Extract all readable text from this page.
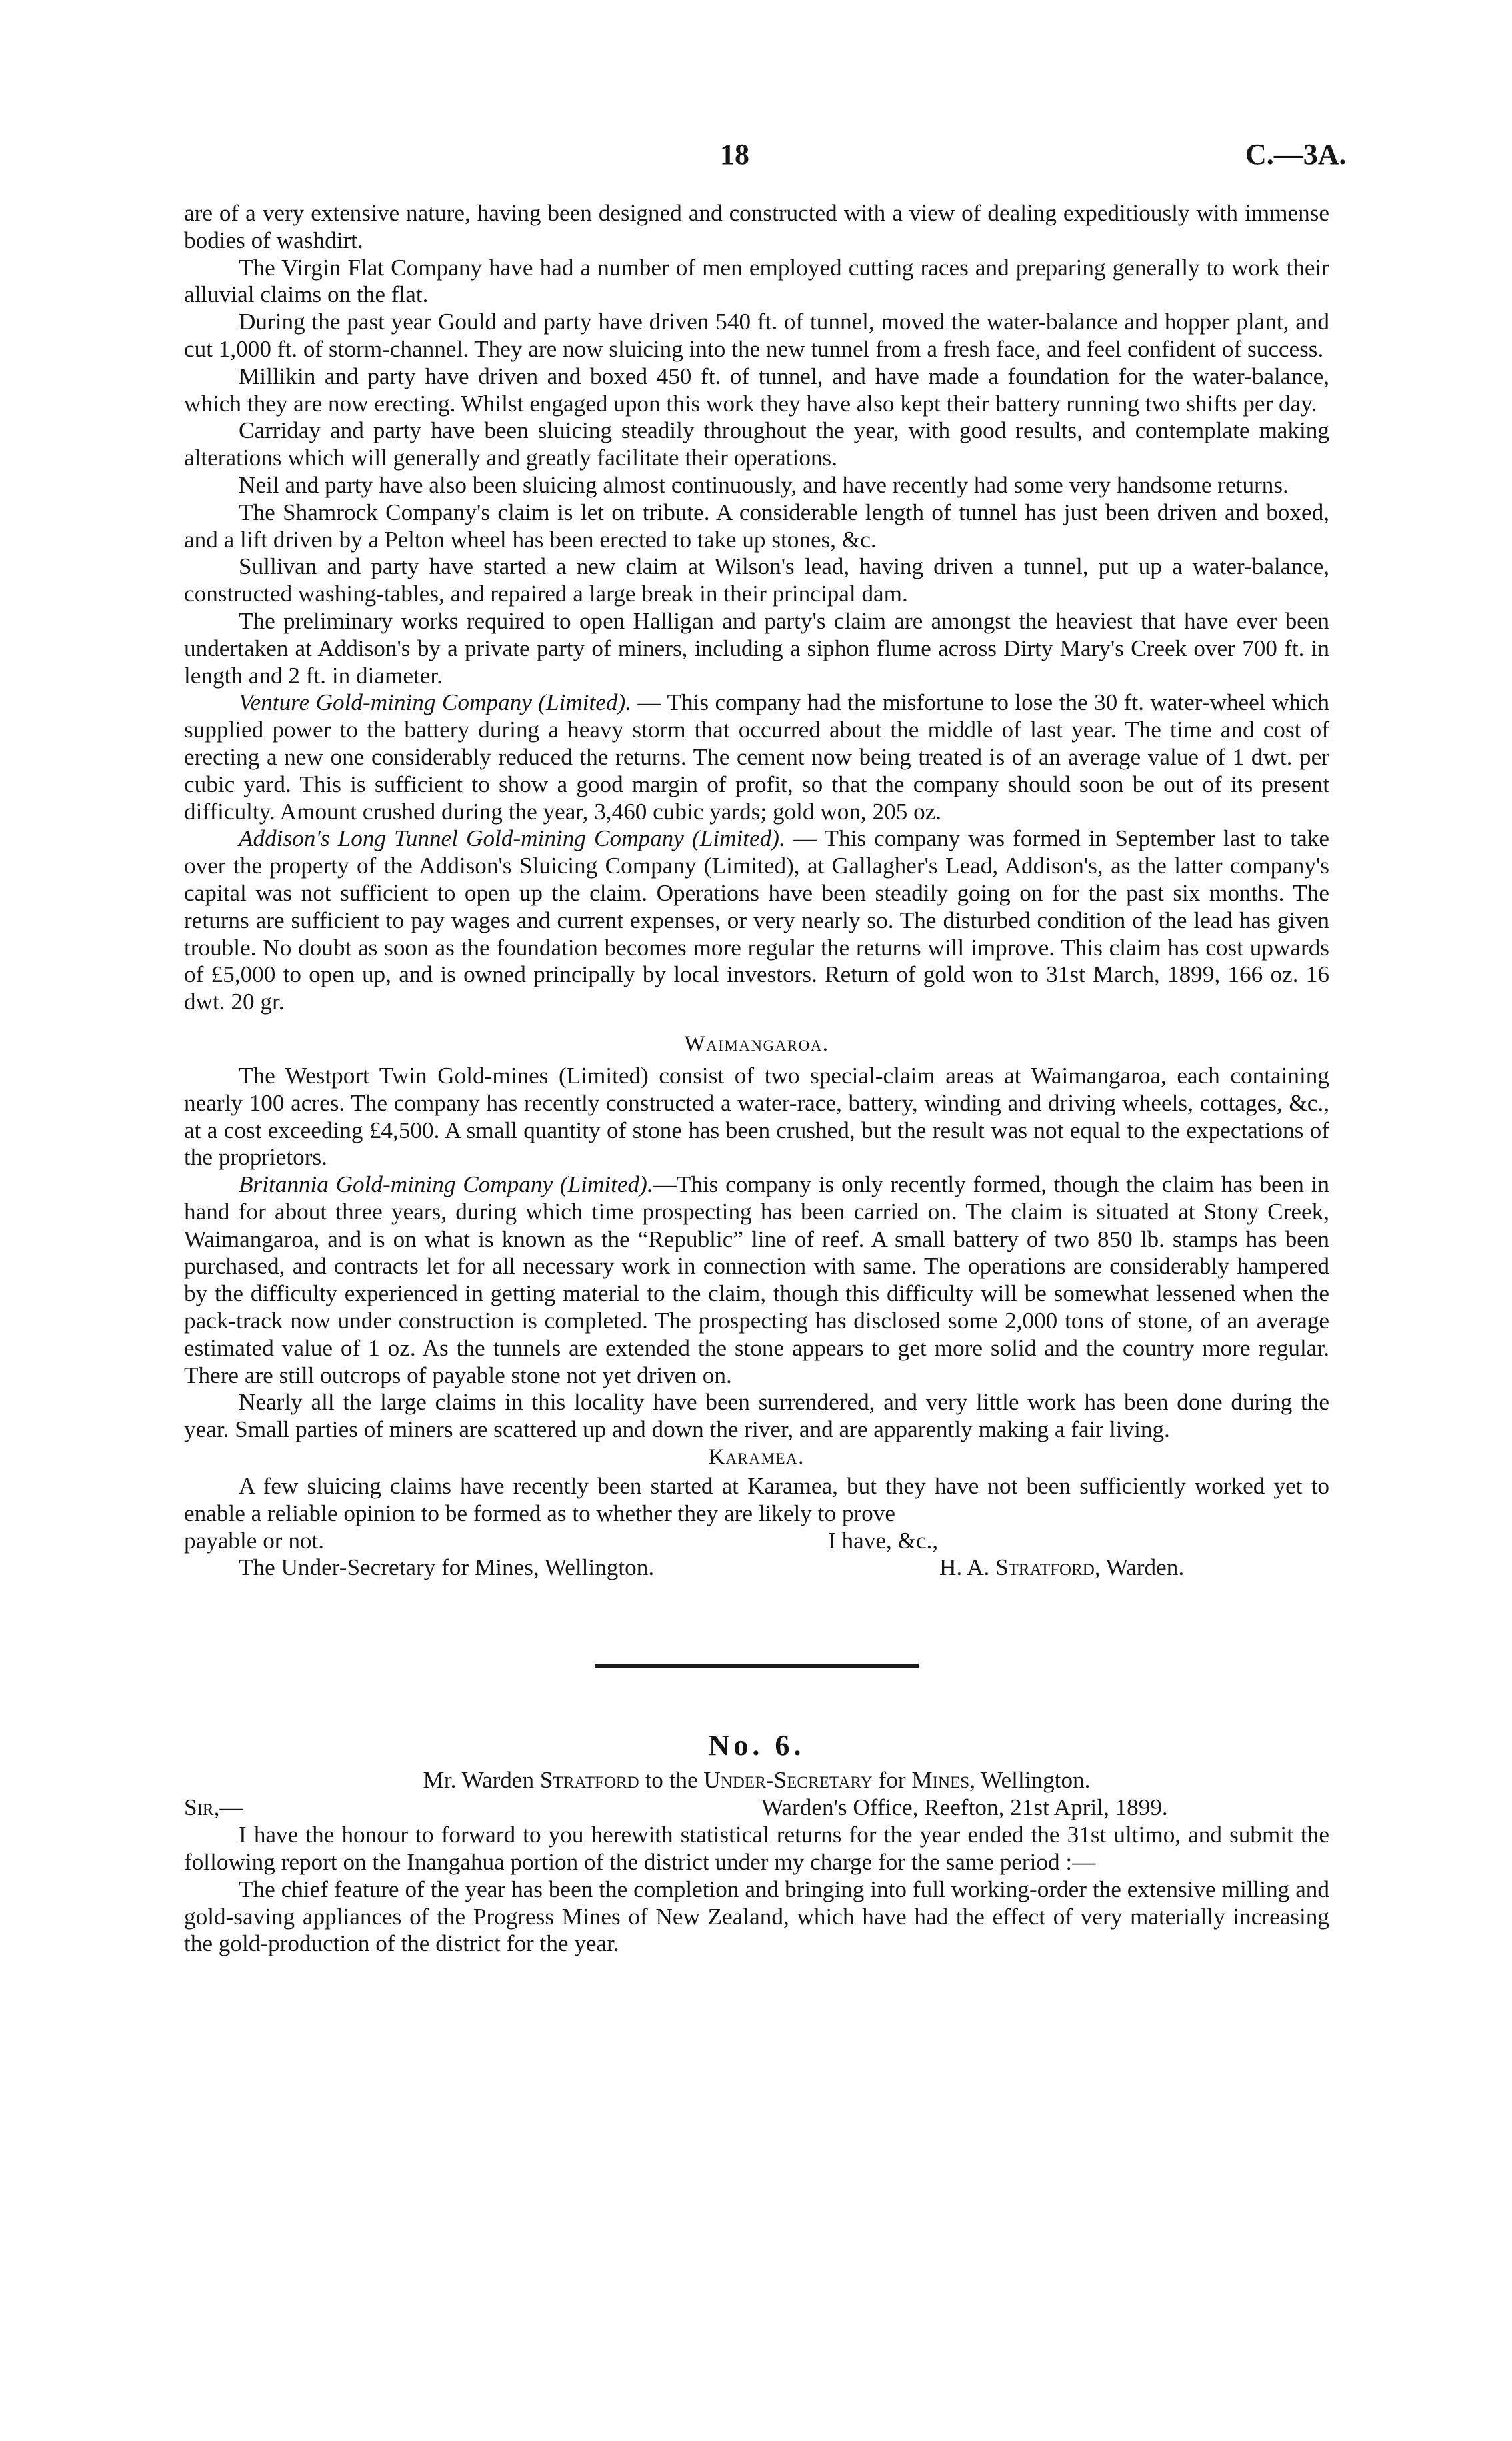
18	C.—3A.

are of a very extensive nature, having been designed and constructed with a view of dealing expeditiously with immense bodies of washdirt.

The Virgin Flat Company have had a number of men employed cutting races and preparing generally to work their alluvial claims on the flat.

During the past year Gould and party have driven 540 ft. of tunnel, moved the water-balance and hopper plant, and cut 1,000 ft. of storm-channel. They are now sluicing into the new tunnel from a fresh face, and feel confident of success.

Millikin and party have driven and boxed 450 ft. of tunnel, and have made a foundation for the water-balance, which they are now erecting. Whilst engaged upon this work they have also kept their battery running two shifts per day.

Carriday and party have been sluicing steadily throughout the year, with good results, and contemplate making alterations which will generally and greatly facilitate their operations.

Neil and party have also been sluicing almost continuously, and have recently had some very handsome returns.

The Shamrock Company's claim is let on tribute. A considerable length of tunnel has just been driven and boxed, and a lift driven by a Pelton wheel has been erected to take up stones, &c.

Sullivan and party have started a new claim at Wilson's lead, having driven a tunnel, put up a water-balance, constructed washing-tables, and repaired a large break in their principal dam.

The preliminary works required to open Halligan and party's claim are amongst the heaviest that have ever been undertaken at Addison's by a private party of miners, including a siphon flume across Dirty Mary's Creek over 700 ft. in length and 2 ft. in diameter.

Venture Gold-mining Company (Limited). — This company had the misfortune to lose the 30 ft. water-wheel which supplied power to the battery during a heavy storm that occurred about the middle of last year. The time and cost of erecting a new one considerably reduced the returns. The cement now being treated is of an average value of 1 dwt. per cubic yard. This is sufficient to show a good margin of profit, so that the company should soon be out of its present difficulty. Amount crushed during the year, 3,460 cubic yards; gold won, 205 oz.

Addison's Long Tunnel Gold-mining Company (Limited). — This company was formed in September last to take over the property of the Addison's Sluicing Company (Limited), at Gallagher's Lead, Addison's, as the latter company's capital was not sufficient to open up the claim. Operations have been steadily going on for the past six months. The returns are sufficient to pay wages and current expenses, or very nearly so. The disturbed condition of the lead has given trouble. No doubt as soon as the foundation becomes more regular the returns will improve. This claim has cost upwards of £5,000 to open up, and is owned principally by local investors. Return of gold won to 31st March, 1899, 166 oz. 16 dwt. 20 gr.

Waimangaroa.

The Westport Twin Gold-mines (Limited) consist of two special-claim areas at Waimangaroa, each containing nearly 100 acres. The company has recently constructed a water-race, battery, winding and driving wheels, cottages, &c., at a cost exceeding £4,500. A small quantity of stone has been crushed, but the result was not equal to the expectations of the proprietors.

Britannia Gold-mining Company (Limited).—This company is only recently formed, though the claim has been in hand for about three years, during which time prospecting has been carried on. The claim is situated at Stony Creek, Waimangaroa, and is on what is known as the “Republic” line of reef. A small battery of two 850 lb. stamps has been purchased, and contracts let for all necessary work in connection with same. The operations are considerably hampered by the difficulty experienced in getting material to the claim, though this difficulty will be somewhat lessened when the pack-track now under construction is completed. The prospecting has disclosed some 2,000 tons of stone, of an average estimated value of 1 oz. As the tunnels are extended the stone appears to get more solid and the country more regular. There are still outcrops of payable stone not yet driven on.

Nearly all the large claims in this locality have been surrendered, and very little work has been done during the year. Small parties of miners are scattered up and down the river, and are apparently making a fair living.

Karamea.

A few sluicing claims have recently been started at Karamea, but they have not been sufficiently worked yet to enable a reliable opinion to be formed as to whether they are likely to prove

payable or not.	I have, &c.,
The Under-Secretary for Mines, Wellington.	H. A. Stratford, Warden.
No. 6.

Mr. Warden Stratford to the Under-Secretary for Mines, Wellington.

Sir,—	Warden's Office, Reefton, 21st April, 1899.

I have the honour to forward to you herewith statistical returns for the year ended the 31st ultimo, and submit the following report on the Inangahua portion of the district under my charge for the same period :—

The chief feature of the year has been the completion and bringing into full working-order the extensive milling and gold-saving appliances of the Progress Mines of New Zealand, which have had the effect of very materially increasing the gold-production of the district for the year.
